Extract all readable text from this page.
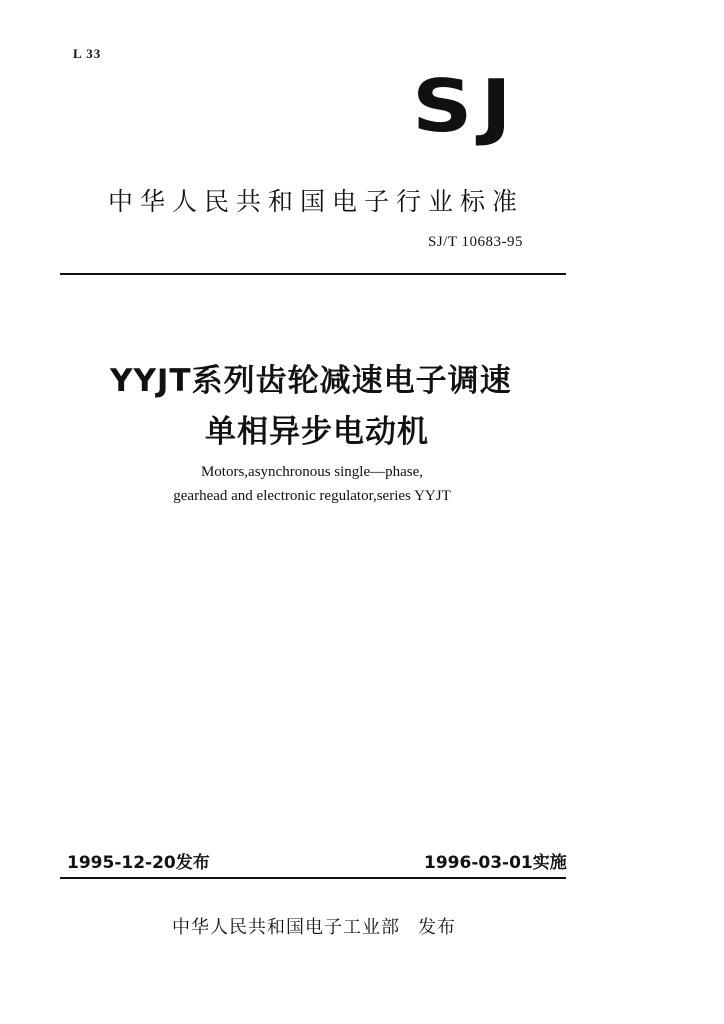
L 33
SJ
中华人民共和国电子行业标准
SJ/T 10683-95
YYJT系列齿轮减速电子调速
单相异步电动机
Motors,asynchronous single—phase,
gearhead and electronic regulator,series YYJT
1995-12-20发布	1996-03-01实施
中华人民共和国电子工业部 发布
